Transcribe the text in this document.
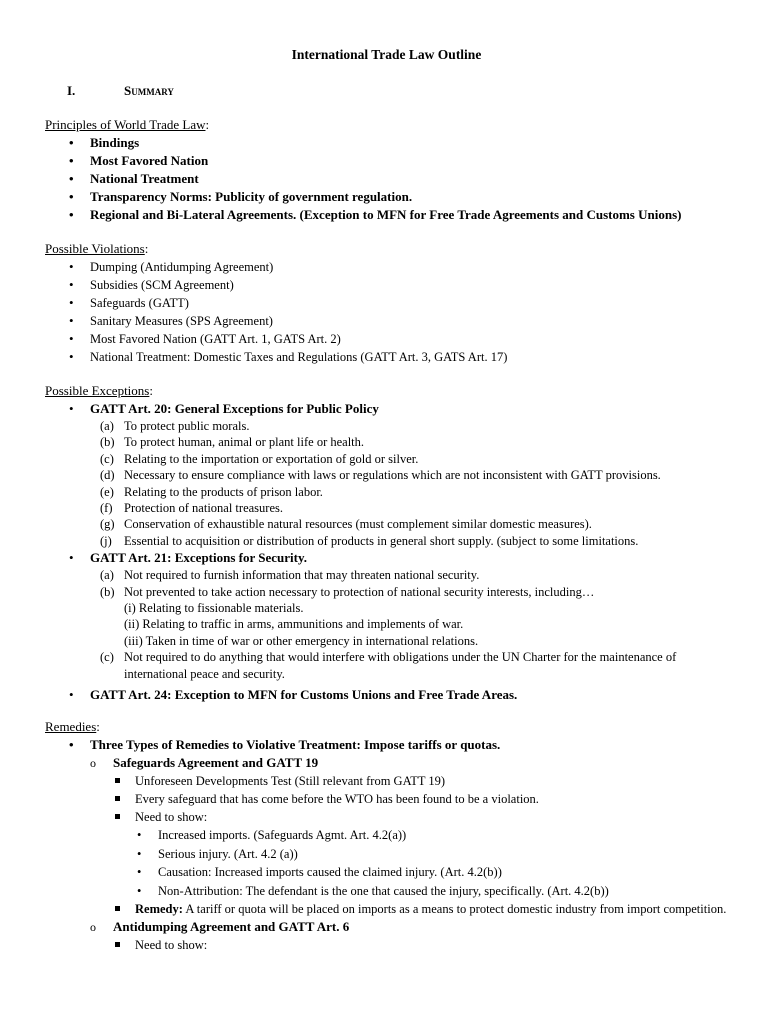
International Trade Law Outline
I.	Summary
Principles of World Trade Law:
• Bindings
• Most Favored Nation
• National Treatment
• Transparency Norms: Publicity of government regulation.
• Regional and Bi-Lateral Agreements. (Exception to MFN for Free Trade Agreements and Customs Unions)
Possible Violations:
• Dumping (Antidumping Agreement)
• Subsidies (SCM Agreement)
• Safeguards (GATT)
• Sanitary Measures (SPS Agreement)
• Most Favored Nation (GATT Art. 1, GATS Art. 2)
• National Treatment: Domestic Taxes and Regulations (GATT Art. 3, GATS Art. 17)
Possible Exceptions:
• GATT Art. 20: General Exceptions for Public Policy
(a) To protect public morals.
(b) To protect human, animal or plant life or health.
(c) Relating to the importation or exportation of gold or silver.
(d) Necessary to ensure compliance with laws or regulations which are not inconsistent with GATT provisions.
(e) Relating to the products of prison labor.
(f) Protection of national treasures.
(g) Conservation of exhaustible natural resources (must complement similar domestic measures).
(j) Essential to acquisition or distribution of products in general short supply. (subject to some limitations.
• GATT Art. 21: Exceptions for Security.
(a) Not required to furnish information that may threaten national security.
(b) Not prevented to take action necessary to protection of national security interests, including…
(i) Relating to fissionable materials.
(ii) Relating to traffic in arms, ammunitions and implements of war.
(iii) Taken in time of war or other emergency in international relations.
(c) Not required to do anything that would interfere with obligations under the UN Charter for the maintenance of international peace and security.
• GATT Art. 24: Exception to MFN for Customs Unions and Free Trade Areas.
Remedies:
• Three Types of Remedies to Violative Treatment: Impose tariffs or quotas.
o Safeguards Agreement and GATT 19
Unforeseen Developments Test (Still relevant from GATT 19)
Every safeguard that has come before the WTO has been found to be a violation.
Need to show:
• Increased imports. (Safeguards Agmt. Art. 4.2(a))
• Serious injury. (Art. 4.2 (a))
• Causation: Increased imports caused the claimed injury. (Art. 4.2(b))
• Non-Attribution: The defendant is the one that caused the injury, specifically. (Art. 4.2(b))
Remedy: A tariff or quota will be placed on imports as a means to protect domestic industry from import competition.
o Antidumping Agreement and GATT Art. 6
Need to show:
